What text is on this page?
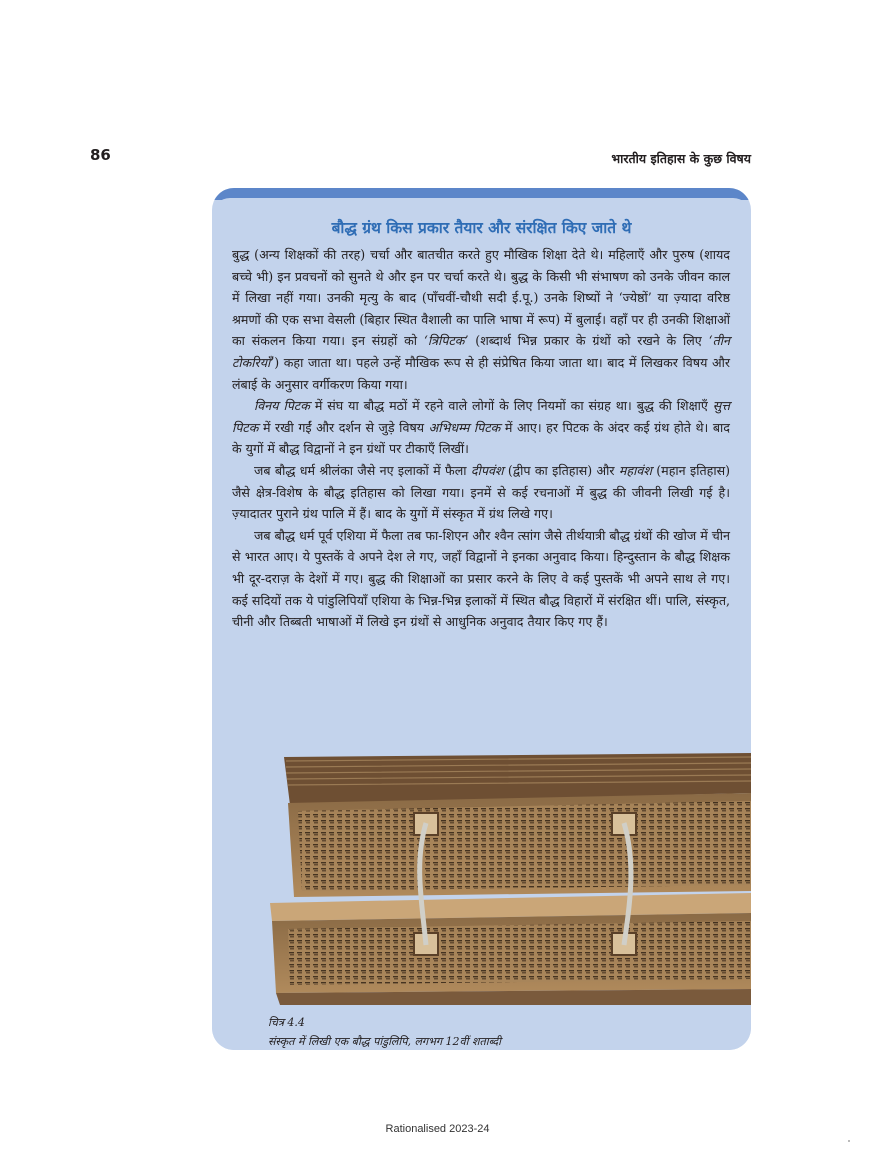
86	भारतीय इतिहास के कुछ विषय
बौद्ध ग्रंथ किस प्रकार तैयार और संरक्षित किए जाते थे

बुद्ध (अन्य शिक्षकों की तरह) चर्चा और बातचीत करते हुए मौखिक शिक्षा देते थे। महिलाएँ और पुरुष (शायद बच्चे भी) इन प्रवचनों को सुनते थे और इन पर चर्चा करते थे। बुद्ध के किसी भी संभाषण को उनके जीवन काल में लिखा नहीं गया। उनकी मृत्यु के बाद (पाँचवीं-चौथी सदी ई.पू.) उनके शिष्यों ने ‘ज्येष्ठों’ या ज़्यादा वरिष्ठ श्रमणों की एक सभा वेसली (बिहार स्थित वैशाली का पालि भाषा में रूप) में बुलाई। वहाँ पर ही उनकी शिक्षाओं का संकलन किया गया। इन संग्रहों को ‘त्रिपिटक’ (शब्दार्थ भिन्न प्रकार के ग्रंथों को रखने के लिए ‘तीन टोकरियाँ’) कहा जाता था। पहले उन्हें मौखिक रूप से ही संप्रेषित किया जाता था। बाद में लिखकर विषय और लंबाई के अनुसार वर्गीकरण किया गया।

विनय पिटक में संघ या बौद्ध मठों में रहने वाले लोगों के लिए नियमों का संग्रह था। बुद्ध की शिक्षाएँ सुत्त पिटक में रखी गईं और दर्शन से जुड़े विषय अभिधम्म पिटक में आए। हर पिटक के अंदर कई ग्रंथ होते थे। बाद के युगों में बौद्ध विद्वानों ने इन ग्रंथों पर टीकाएँ लिखीं।

जब बौद्ध धर्म श्रीलंका जैसे नए इलाकों में फैला दीपवंश (द्वीप का इतिहास) और महावंश (महान इतिहास) जैसे क्षेत्र-विशेष के बौद्ध इतिहास को लिखा गया। इनमें से कई रचनाओं में बुद्ध की जीवनी लिखी गई है। ज़्यादातर पुराने ग्रंथ पालि में हैं। बाद के युगों में संस्कृत में ग्रंथ लिखे गए।

जब बौद्ध धर्म पूर्व एशिया में फैला तब फा-शिएन और श्वैन त्सांग जैसे तीर्थयात्री बौद्ध ग्रंथों की खोज में चीन से भारत आए। ये पुस्तकें वे अपने देश ले गए, जहाँ विद्वानों ने इनका अनुवाद किया। हिन्दुस्तान के बौद्ध शिक्षक भी दूर-दराज़ के देशों में गए। बुद्ध की शिक्षाओं का प्रसार करने के लिए वे कई पुस्तकें भी अपने साथ ले गए। कई सदियों तक ये पांडुलिपियाँ एशिया के भिन्न-भिन्न इलाकों में स्थित बौद्ध विहारों में संरक्षित थीं। पालि, संस्कृत, चीनी और तिब्बती भाषाओं में लिखे इन ग्रंथों से आधुनिक अनुवाद तैयार किए गए हैं।

चित्र 4.4
संस्कृत में लिखी एक बौद्ध पांडुलिपि, लगभग 12वीं शताब्दी
Rationalised 2023-24
